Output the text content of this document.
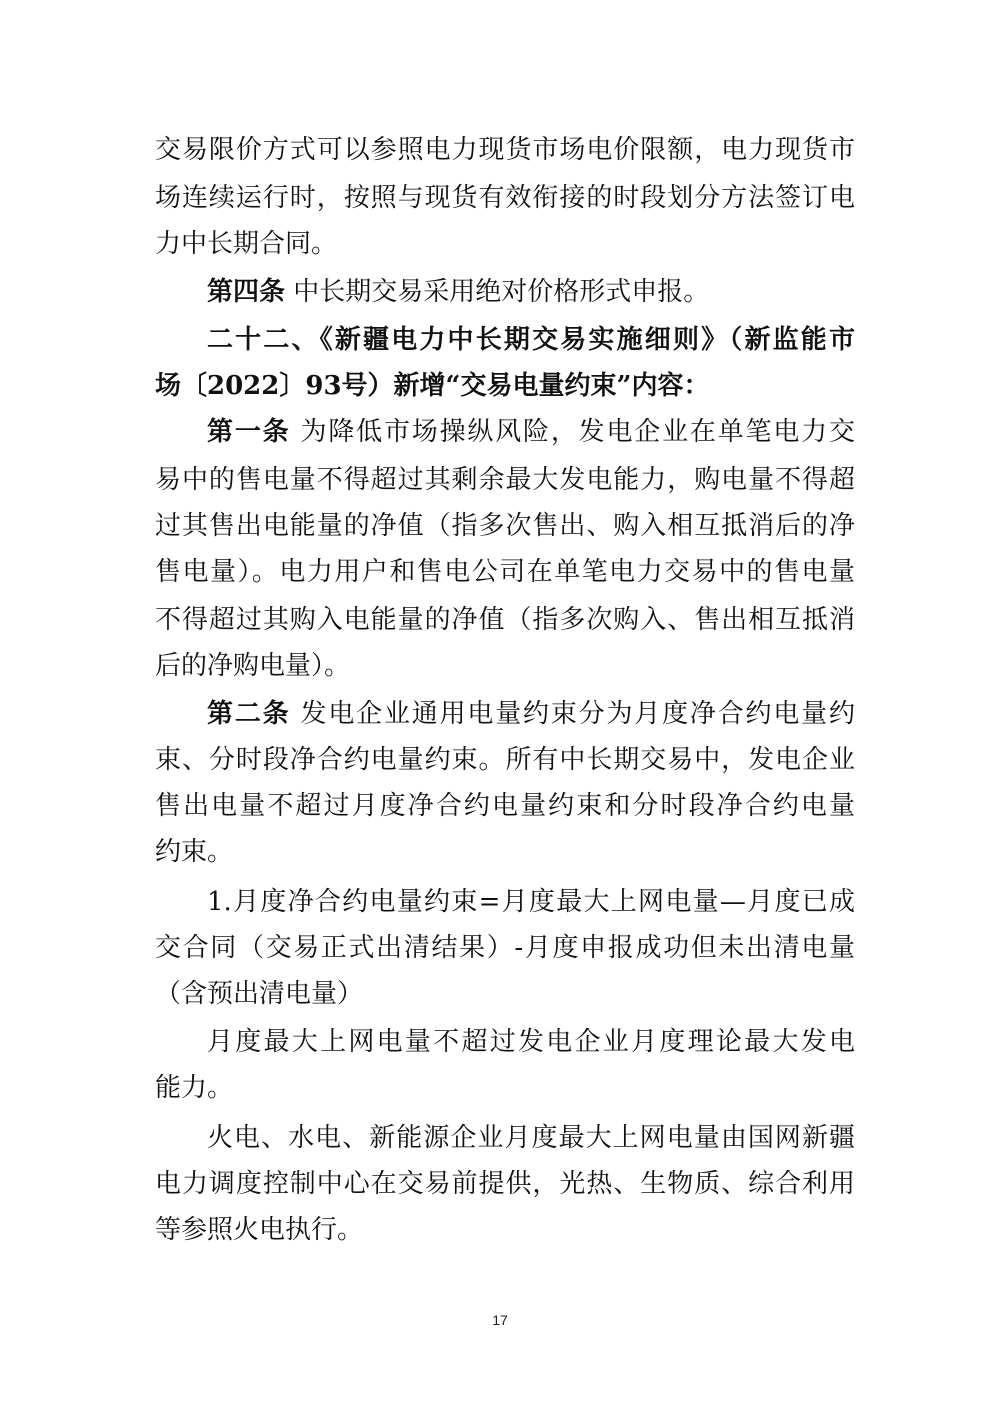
交易限价方式可以参照电力现货市场电价限额，电力现货市
场连续运行时，按照与现货有效衔接的时段划分方法签订电
力中长期合同。
第四条 中长期交易采用绝对价格形式申报。
二十二、《新疆电力中长期交易实施细则》（新监能市
场〔2022〕93号）新增“交易电量约束”内容：
第一条 为降低市场操纵风险，发电企业在单笔电力交
易中的售电量不得超过其剩余最大发电能力，购电量不得超
过其售出电能量的净值（指多次售出、购入相互抵消后的净
售电量）。电力用户和售电公司在单笔电力交易中的售电量
不得超过其购入电能量的净值（指多次购入、售出相互抵消
后的净购电量）。
第二条 发电企业通用电量约束分为月度净合约电量约
束、分时段净合约电量约束。所有中长期交易中，发电企业
售出电量不超过月度净合约电量约束和分时段净合约电量
约束。
1.月度净合约电量约束=月度最大上网电量—月度已成
交合同（交易正式出清结果）-月度申报成功但未出清电量
（含预出清电量）
月度最大上网电量不超过发电企业月度理论最大发电
能力。
火电、水电、新能源企业月度最大上网电量由国网新疆
电力调度控制中心在交易前提供，光热、生物质、综合利用
等参照火电执行。
17
